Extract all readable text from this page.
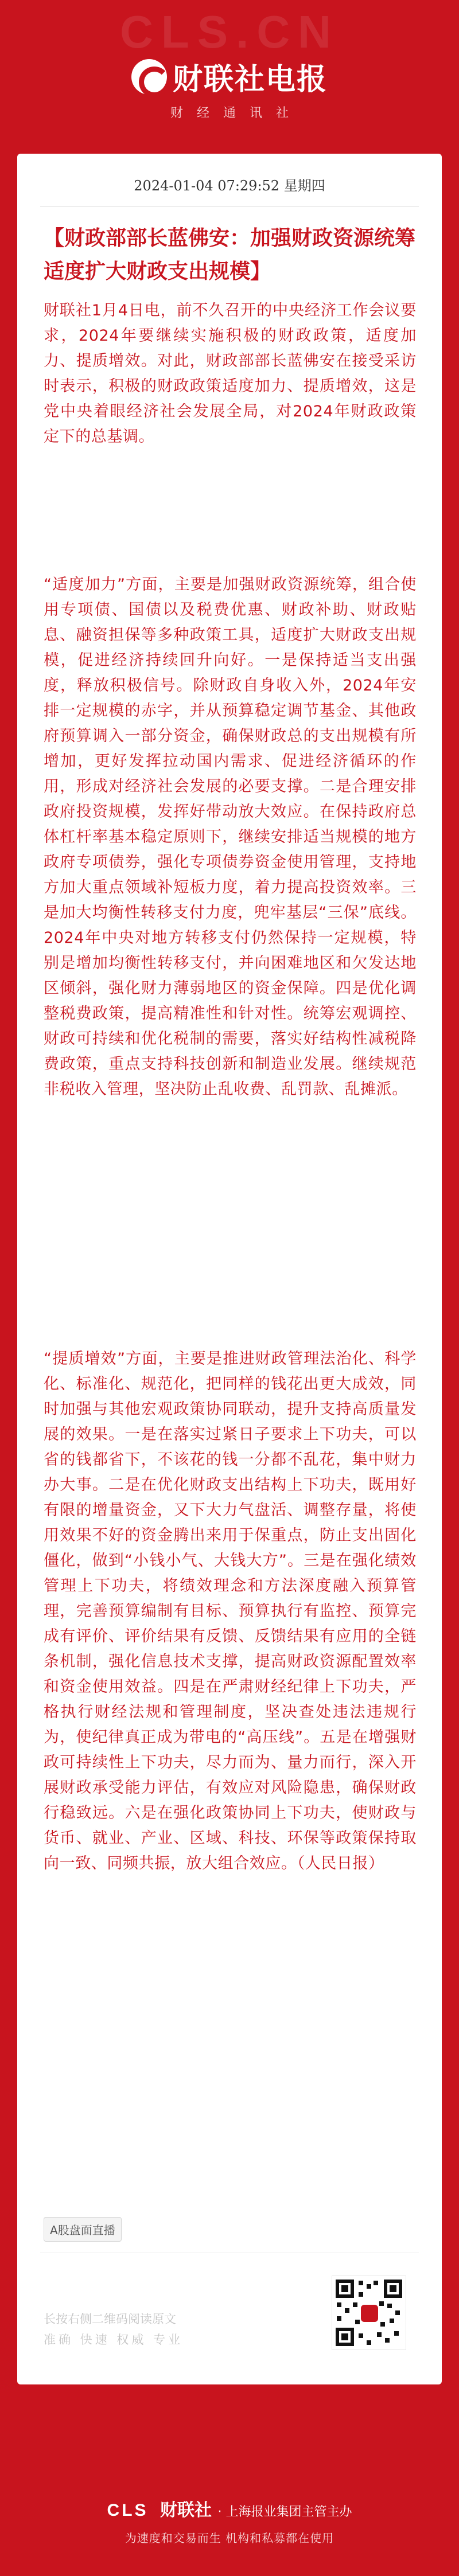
CLS.CN
财联社电报
财经通讯社
2024-01-04 07:29:52 星期四
【财政部部长蓝佛安：加强财政资源统筹 适度扩大财政支出规模】
财联社1月4日电，前不久召开的中央经济工作会议要求，2024年要继续实施积极的财政政策，适度加力、提质增效。对此，财政部部长蓝佛安在接受采访时表示，积极的财政政策适度加力、提质增效，这是党中央着眼经济社会发展全局，对2024年财政政策定下的总基调。
“适度加力”方面，主要是加强财政资源统筹，组合使用专项债、国债以及税费优惠、财政补助、财政贴息、融资担保等多种政策工具，适度扩大财政支出规模，促进经济持续回升向好。一是保持适当支出强度，释放积极信号。除财政自身收入外，2024年安排一定规模的赤字，并从预算稳定调节基金、其他政府预算调入一部分资金，确保财政总的支出规模有所增加，更好发挥拉动国内需求、促进经济循环的作用，形成对经济社会发展的必要支撑。二是合理安排政府投资规模，发挥好带动放大效应。在保持政府总体杠杆率基本稳定原则下，继续安排适当规模的地方政府专项债券，强化专项债券资金使用管理，支持地方加大重点领域补短板力度，着力提高投资效率。三是加大均衡性转移支付力度，兜牢基层“三保”底线。2024年中央对地方转移支付仍然保持一定规模，特别是增加均衡性转移支付，并向困难地区和欠发达地区倾斜，强化财力薄弱地区的资金保障。四是优化调整税费政策，提高精准性和针对性。统筹宏观调控、财政可持续和优化税制的需要，落实好结构性减税降费政策，重点支持科技创新和制造业发展。继续规范非税收入管理，坚决防止乱收费、乱罚款、乱摊派。
“提质增效”方面，主要是推进财政管理法治化、科学化、标准化、规范化，把同样的钱花出更大成效，同时加强与其他宏观政策协同联动，提升支持高质量发展的效果。一是在落实过紧日子要求上下功夫，可以省的钱都省下，不该花的钱一分都不乱花，集中财力办大事。二是在优化财政支出结构上下功夫，既用好有限的增量资金，又下大力气盘活、调整存量，将使用效果不好的资金腾出来用于保重点，防止支出固化僵化，做到“小钱小气、大钱大方”。三是在强化绩效管理上下功夫，将绩效理念和方法深度融入预算管理，完善预算编制有目标、预算执行有监控、预算完成有评价、评价结果有反馈、反馈结果有应用的全链条机制，强化信息技术支撑，提高财政资源配置效率和资金使用效益。四是在严肃财经纪律上下功夫，严格执行财经法规和管理制度，坚决查处违法违规行为，使纪律真正成为带电的“高压线”。五是在增强财政可持续性上下功夫，尽力而为、量力而行，深入开展财政承受能力评估，有效应对风险隐患，确保财政行稳致远。六是在强化政策协同上下功夫，使财政与货币、就业、产业、区域、科技、环保等政策保持取向一致、同频共振，放大组合效应。（人民日报）
A股盘面直播
长按右侧二维码阅读原文
准确 快速 权威 专业
CLS 财联社 · 上海报业集团主管主办
为速度和交易而生 机构和私募都在使用
